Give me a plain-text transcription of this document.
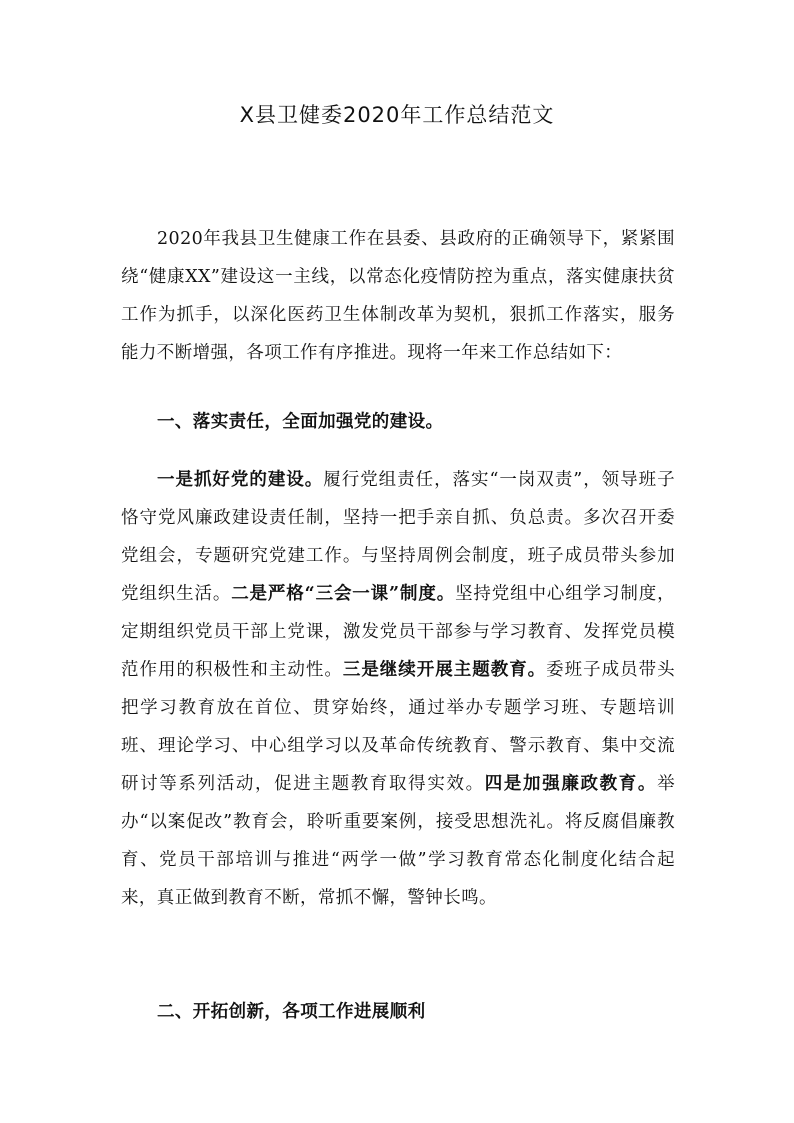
X县卫健委2020年工作总结范文

2020年我县卫生健康工作在县委、县政府的正确领导下，紧紧围绕“健康XX”建设这一主线，以常态化疫情防控为重点，落实健康扶贫工作为抓手，以深化医药卫生体制改革为契机，狠抓工作落实，服务能力不断增强，各项工作有序推进。现将一年来工作总结如下：

一、落实责任，全面加强党的建设。

一是抓好党的建设。履行党组责任，落实“一岗双责”，领导班子恪守党风廉政建设责任制，坚持一把手亲自抓、负总责。多次召开委党组会，专题研究党建工作。与坚持周例会制度，班子成员带头参加党组织生活。二是严格“三会一课”制度。坚持党组中心组学习制度，定期组织党员干部上党课，激发党员干部参与学习教育、发挥党员模范作用的积极性和主动性。三是继续开展主题教育。委班子成员带头把学习教育放在首位、贯穿始终，通过举办专题学习班、专题培训班、理论学习、中心组学习以及革命传统教育、警示教育、集中交流研讨等系列活动，促进主题教育取得实效。四是加强廉政教育。举办“以案促改”教育会，聆听重要案例，接受思想洗礼。将反腐倡廉教育、党员干部培训与推进“两学一做”学习教育常态化制度化结合起来，真正做到教育不断，常抓不懈，警钟长鸣。

二、开拓创新，各项工作进展顺利
